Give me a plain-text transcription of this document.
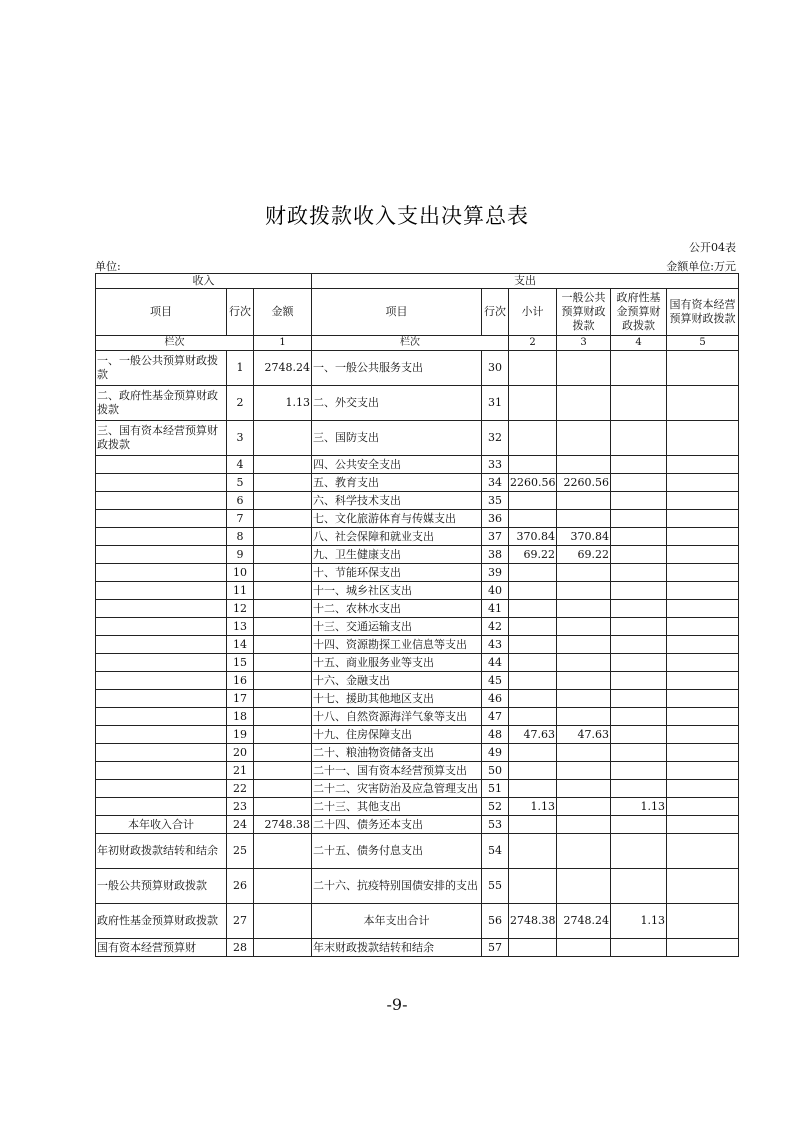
财政拨款收入支出决算总表
公开04表
单位:	金额单位:万元
收入			支出					
项目	行次	金额	项目	行次	小计	一般公共预算财政拨款	政府性基金预算财政拨款	国有资本经营预算财政拨款
栏次		1	栏次		2	3	4	5
一、一般公共预算财政拨款	1	2748.24	一、一般公共服务支出	30				
二、政府性基金预算财政拨款	2	1.13	二、外交支出	31				
三、国有资本经营预算财政拨款	3		三、国防支出	32				
	4		四、公共安全支出	33				
	5		五、教育支出	34	2260.56	2260.56		
	6		六、科学技术支出	35				
	7		七、文化旅游体育与传媒支出	36				
	8		八、社会保障和就业支出	37	370.84	370.84		
	9		九、卫生健康支出	38	69.22	69.22		
	10		十、节能环保支出	39				
	11		十一、城乡社区支出	40				
	12		十二、农林水支出	41				
	13		十三、交通运输支出	42				
	14		十四、资源勘探工业信息等支出	43				
	15		十五、商业服务业等支出	44				
	16		十六、金融支出	45				
	17		十七、援助其他地区支出	46				
	18		十八、自然资源海洋气象等支出	47				
	19		十九、住房保障支出	48	47.63	47.63		
	20		二十、粮油物资储备支出	49				
	21		二十一、国有资本经营预算支出	50				
	22		二十二、灾害防治及应急管理支出	51				
	23		二十三、其他支出	52	1.13		1.13	
本年收入合计	24	2748.38	二十四、债务还本支出	53				
年初财政拨款结转和结余	25		二十五、债务付息支出	54				
一般公共预算财政拨款	26		二十六、抗疫特别国债安排的支出	55				
政府性基金预算财政拨款	27		本年支出合计	56	2748.38	2748.24	1.13	
国有资本经营预算财	28		年末财政拨款结转和结余	57				
-9-
